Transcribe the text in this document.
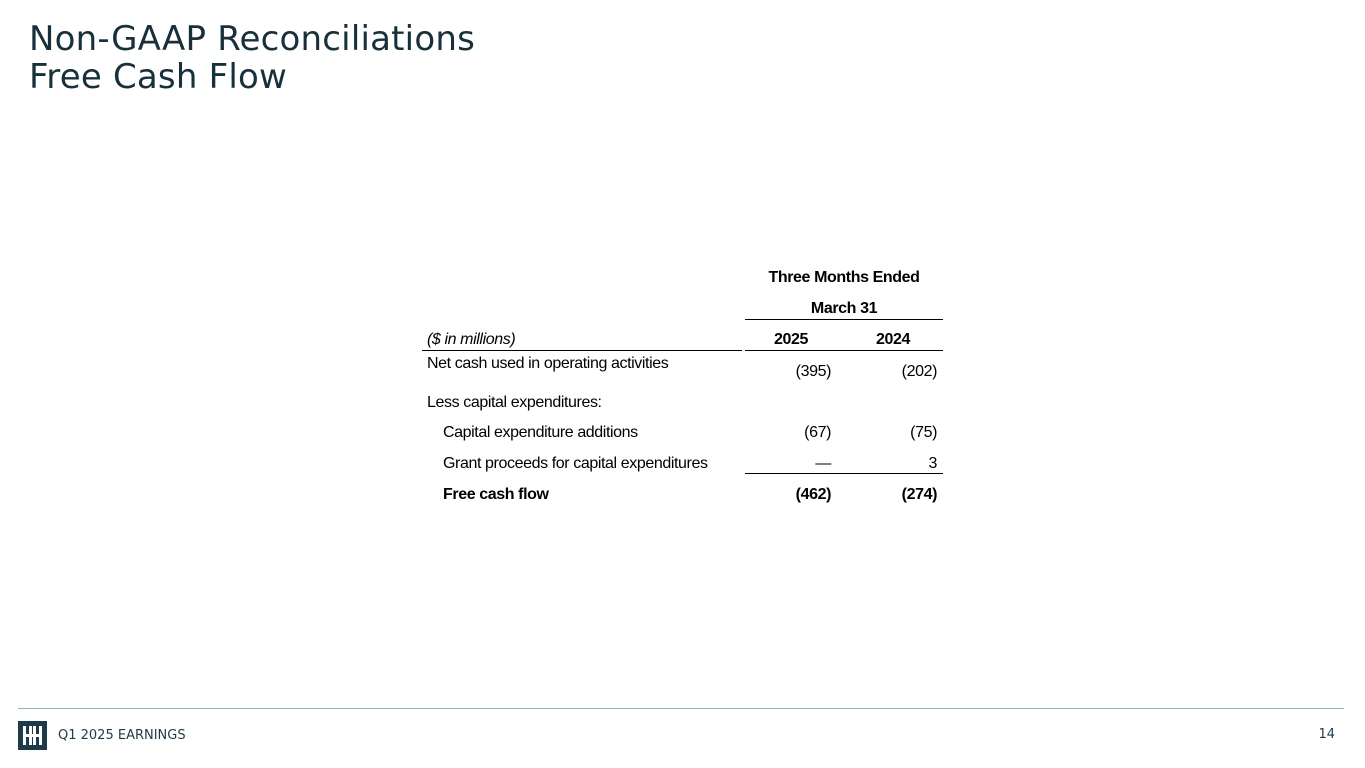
Non-GAAP Reconciliations
Free Cash Flow
Three Months Ended
March 31
($ in millions)	2025	2024
Net cash used in operating activities	(395)	(202)
Less capital expenditures:
Capital expenditure additions	(67)	(75)
Grant proceeds for capital expenditures	—	3
Free cash flow	(462)	(274)
Q1 2025 EARNINGS	14
